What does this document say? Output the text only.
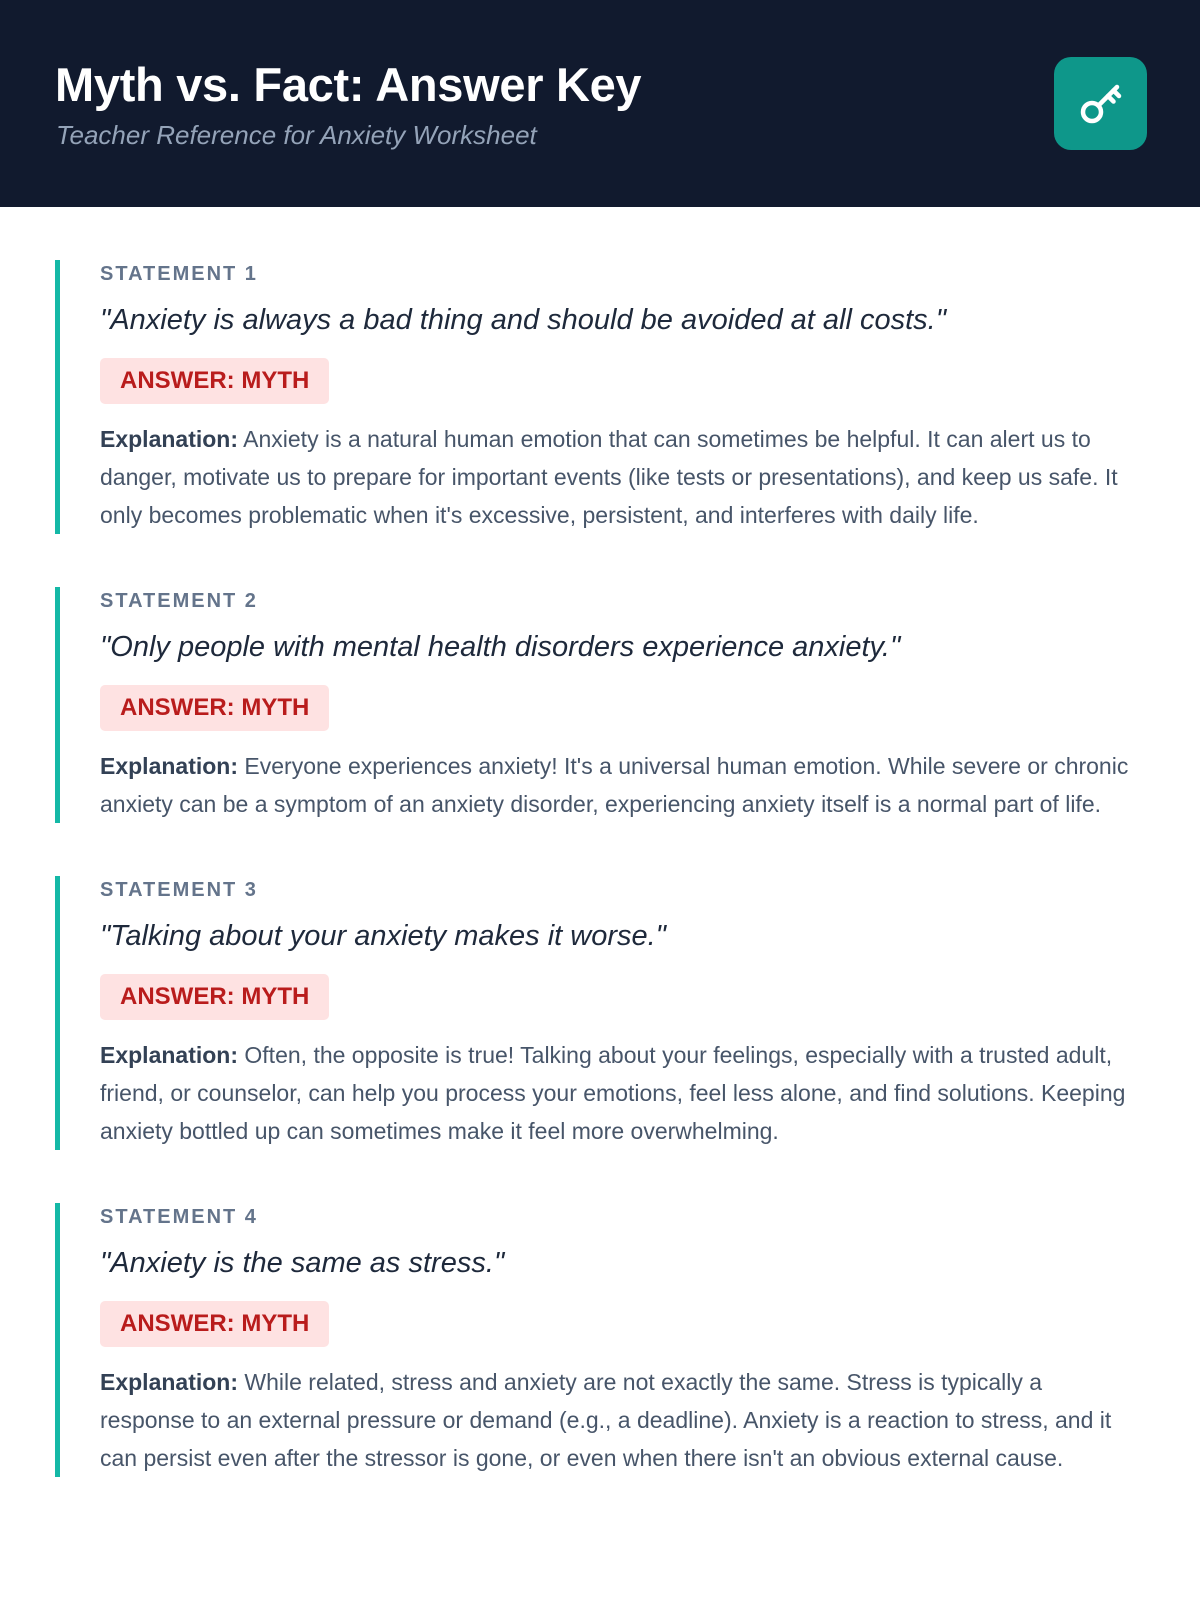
Myth vs. Fact: Answer Key
Teacher Reference for Anxiety Worksheet
STATEMENT 1
"Anxiety is always a bad thing and should be avoided at all costs."
ANSWER: MYTH

Explanation: Anxiety is a natural human emotion that can sometimes be helpful. It can alert us to danger, motivate us to prepare for important events (like tests or presentations), and keep us safe. It only becomes problematic when it's excessive, persistent, and interferes with daily life.

STATEMENT 2
"Only people with mental health disorders experience anxiety."
ANSWER: MYTH

Explanation: Everyone experiences anxiety! It's a universal human emotion. While severe or chronic anxiety can be a symptom of an anxiety disorder, experiencing anxiety itself is a normal part of life.

STATEMENT 3
"Talking about your anxiety makes it worse."
ANSWER: MYTH

Explanation: Often, the opposite is true! Talking about your feelings, especially with a trusted adult, friend, or counselor, can help you process your emotions, feel less alone, and find solutions. Keeping anxiety bottled up can sometimes make it feel more overwhelming.

STATEMENT 4
"Anxiety is the same as stress."
ANSWER: MYTH

Explanation: While related, stress and anxiety are not exactly the same. Stress is typically a response to an external pressure or demand (e.g., a deadline). Anxiety is a reaction to stress, and it can persist even after the stressor is gone, or even when there isn't an obvious external cause.
